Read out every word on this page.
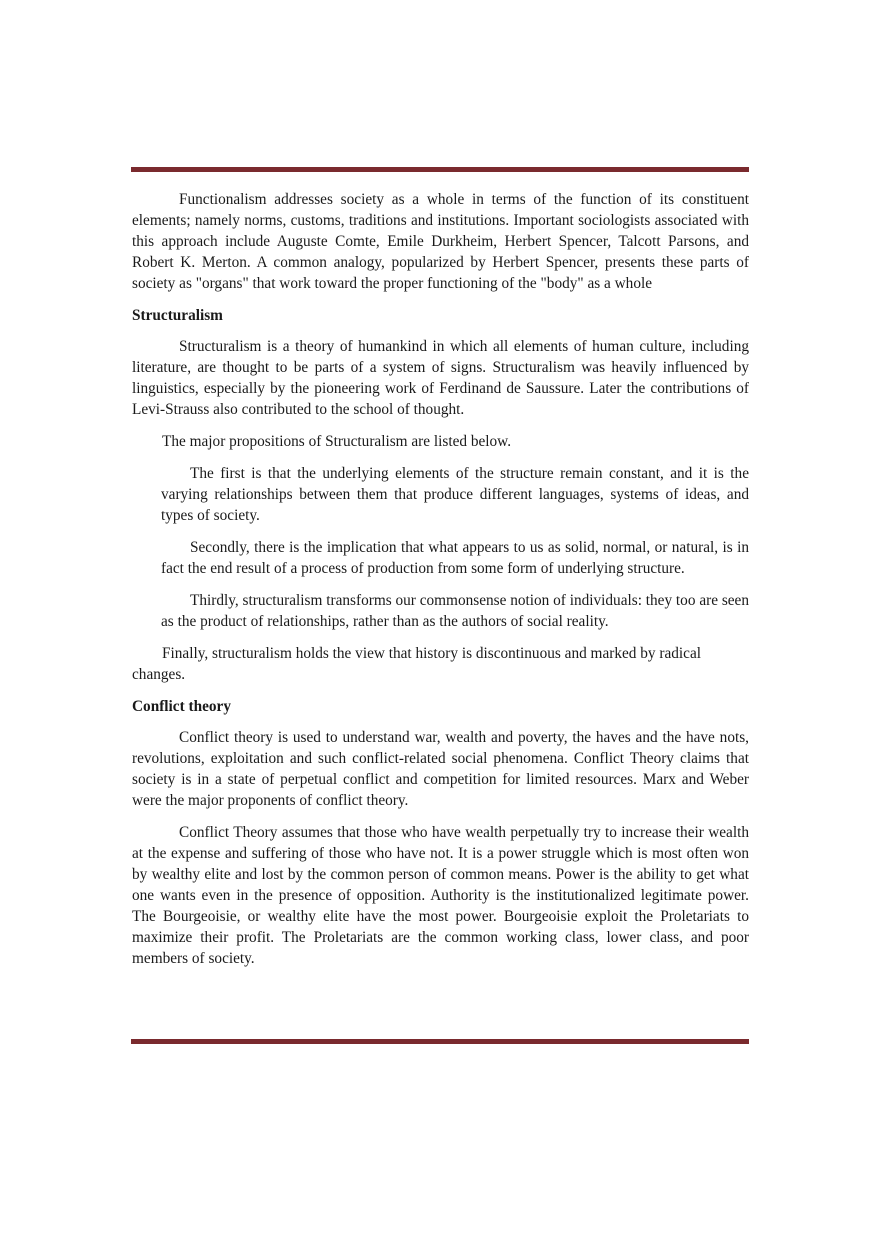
Functionalism addresses society as a whole in terms of the function of its constituent elements; namely norms, customs, traditions and institutions. Important sociologists associated with this approach include Auguste Comte, Emile Durkheim, Herbert Spencer, Talcott Parsons, and Robert K. Merton. A common analogy, popularized by Herbert Spencer, presents these parts of society as "organs" that work toward the proper functioning of the "body" as a whole

Structuralism

Structuralism is a theory of humankind in which all elements of human culture, including literature, are thought to be parts of a system of signs. Structuralism was heavily influenced by linguistics, especially by the pioneering work of Ferdinand de Saussure. Later the contributions of Levi-Strauss also contributed to the school of thought.

The major propositions of Structuralism are listed below.

The first is that the underlying elements of the structure remain constant, and it is the varying relationships between them that produce different languages, systems of ideas, and types of society.

Secondly, there is the implication that what appears to us as solid, normal, or natural, is in fact the end result of a process of production from some form of underlying structure.

Thirdly, structuralism transforms our commonsense notion of individuals: they too are seen as the product of relationships, rather than as the authors of social reality.

Finally, structuralism holds the view that history is discontinuous and marked by radical changes.

Conflict theory

Conflict theory is used to understand war, wealth and poverty, the haves and the have nots, revolutions, exploitation and such conflict-related social phenomena. Conflict Theory claims that society is in a state of perpetual conflict and competition for limited resources. Marx and Weber were the major proponents of conflict theory.

Conflict Theory assumes that those who have wealth perpetually try to increase their wealth at the expense and suffering of those who have not. It is a power struggle which is most often won by wealthy elite and lost by the common person of common means. Power is the ability to get what one wants even in the presence of opposition. Authority is the institutionalized legitimate power. The Bourgeoisie, or wealthy elite have the most power. Bourgeoisie exploit the Proletariats to maximize their profit. The Proletariats are the common working class, lower class, and poor members of society.
